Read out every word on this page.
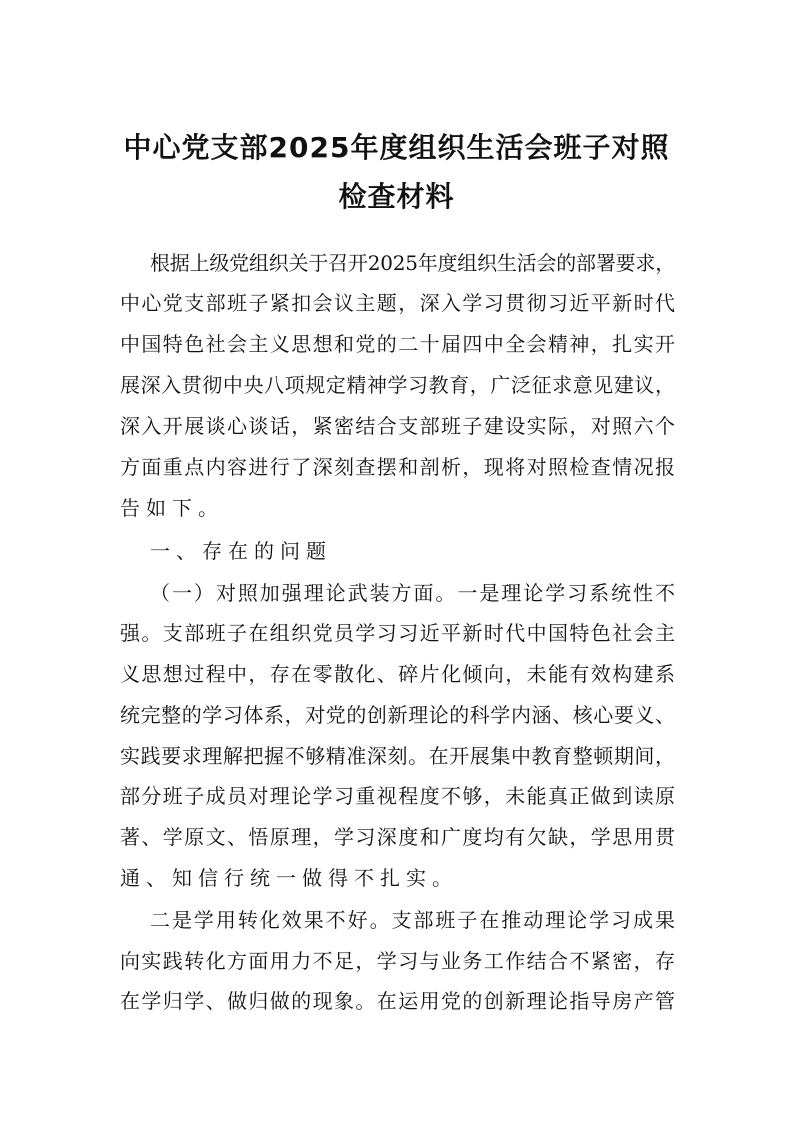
中心党支部2025年度组织生活会班子对照
检查材料
根据上级党组织关于召开2025年度组织生活会的部署要求，
中心党支部班子紧扣会议主题，深入学习贯彻习近平新时代
中国特色社会主义思想和党的二十届四中全会精神，扎实开
展深入贯彻中央八项规定精神学习教育，广泛征求意见建议，
深入开展谈心谈话，紧密结合支部班子建设实际，对照六个
方面重点内容进行了深刻查摆和剖析，现将对照检查情况报
告如下。
一、存在的问题
（一）对照加强理论武装方面。一是理论学习系统性不
强。支部班子在组织党员学习习近平新时代中国特色社会主
义思想过程中，存在零散化、碎片化倾向，未能有效构建系
统完整的学习体系，对党的创新理论的科学内涵、核心要义、
实践要求理解把握不够精准深刻。在开展集中教育整顿期间，
部分班子成员对理论学习重视程度不够，未能真正做到读原
著、学原文、悟原理，学习深度和广度均有欠缺，学思用贯
通、知信行统一做得不扎实。
二是学用转化效果不好。支部班子在推动理论学习成果
向实践转化方面用力不足，学习与业务工作结合不紧密，存
在学归学、做归做的现象。在运用党的创新理论指导房产管
